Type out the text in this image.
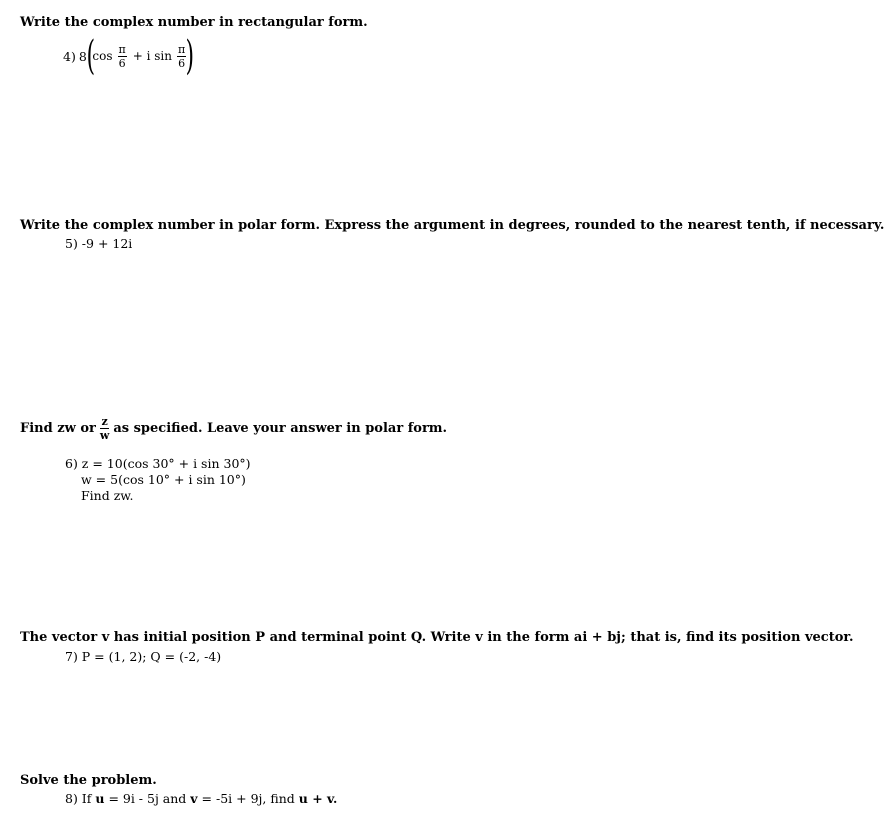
Write the complex number in rectangular form.
4) 8 (
$\cos \frac{\pi}{6} + i$ $\sin \frac{\pi}{6}$ )
Write the complex number in polar form. Express the argument in degrees, rounded to the nearest tenth, if necessary.
5) -9 + 12i
Find zw or $\frac{z}{w}$ as specified. Leave your answer in polar form.
6) z = 10(cos 30° + i sin 30°)
w = 5(cos 10° + i sin 10°)
Find zw.
The vector v has initial position P and terminal point Q. Write v in the form ai + bj; that is, find its position vector.
7) P = (1, 2); Q = (-2, -4)
Solve the problem.
8) If u = 9i - 5j and v = -5i + 9j, find u + v.
